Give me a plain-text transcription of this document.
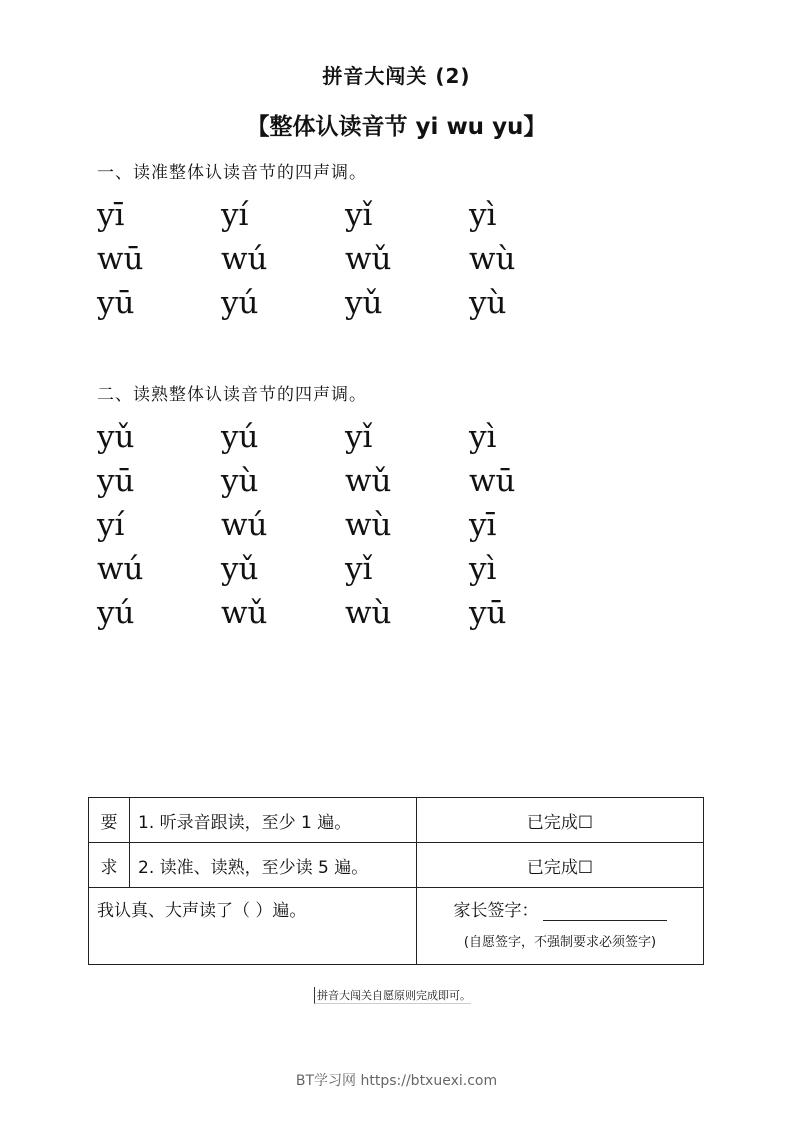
拼音大闯关 (2)
【整体认读音节 yi wu yu】
一、读准整体认读音节的四声调。
yī	yí	yǐ	yì
wū	wú	wǔ	wù
yū	yú	yǔ	yù
二、读熟整体认读音节的四声调。
yǔ	yú	yǐ	yì
yū	yù	wǔ	wū
yí	wú	wù	yī
wú	yǔ	yǐ	yì
yú	wǔ	wù	yū
要	1. 听录音跟读，至少 1 遍。	已完成☐
求	2. 读准、读熟，至少读 5 遍。	已完成☐
我认真、大声读了（ ）遍。		家长签字：
(自愿签字，不强制要求必须签字)
拼音大闯关自愿原则完成即可。
BT学习网 https://btxuexi.com
